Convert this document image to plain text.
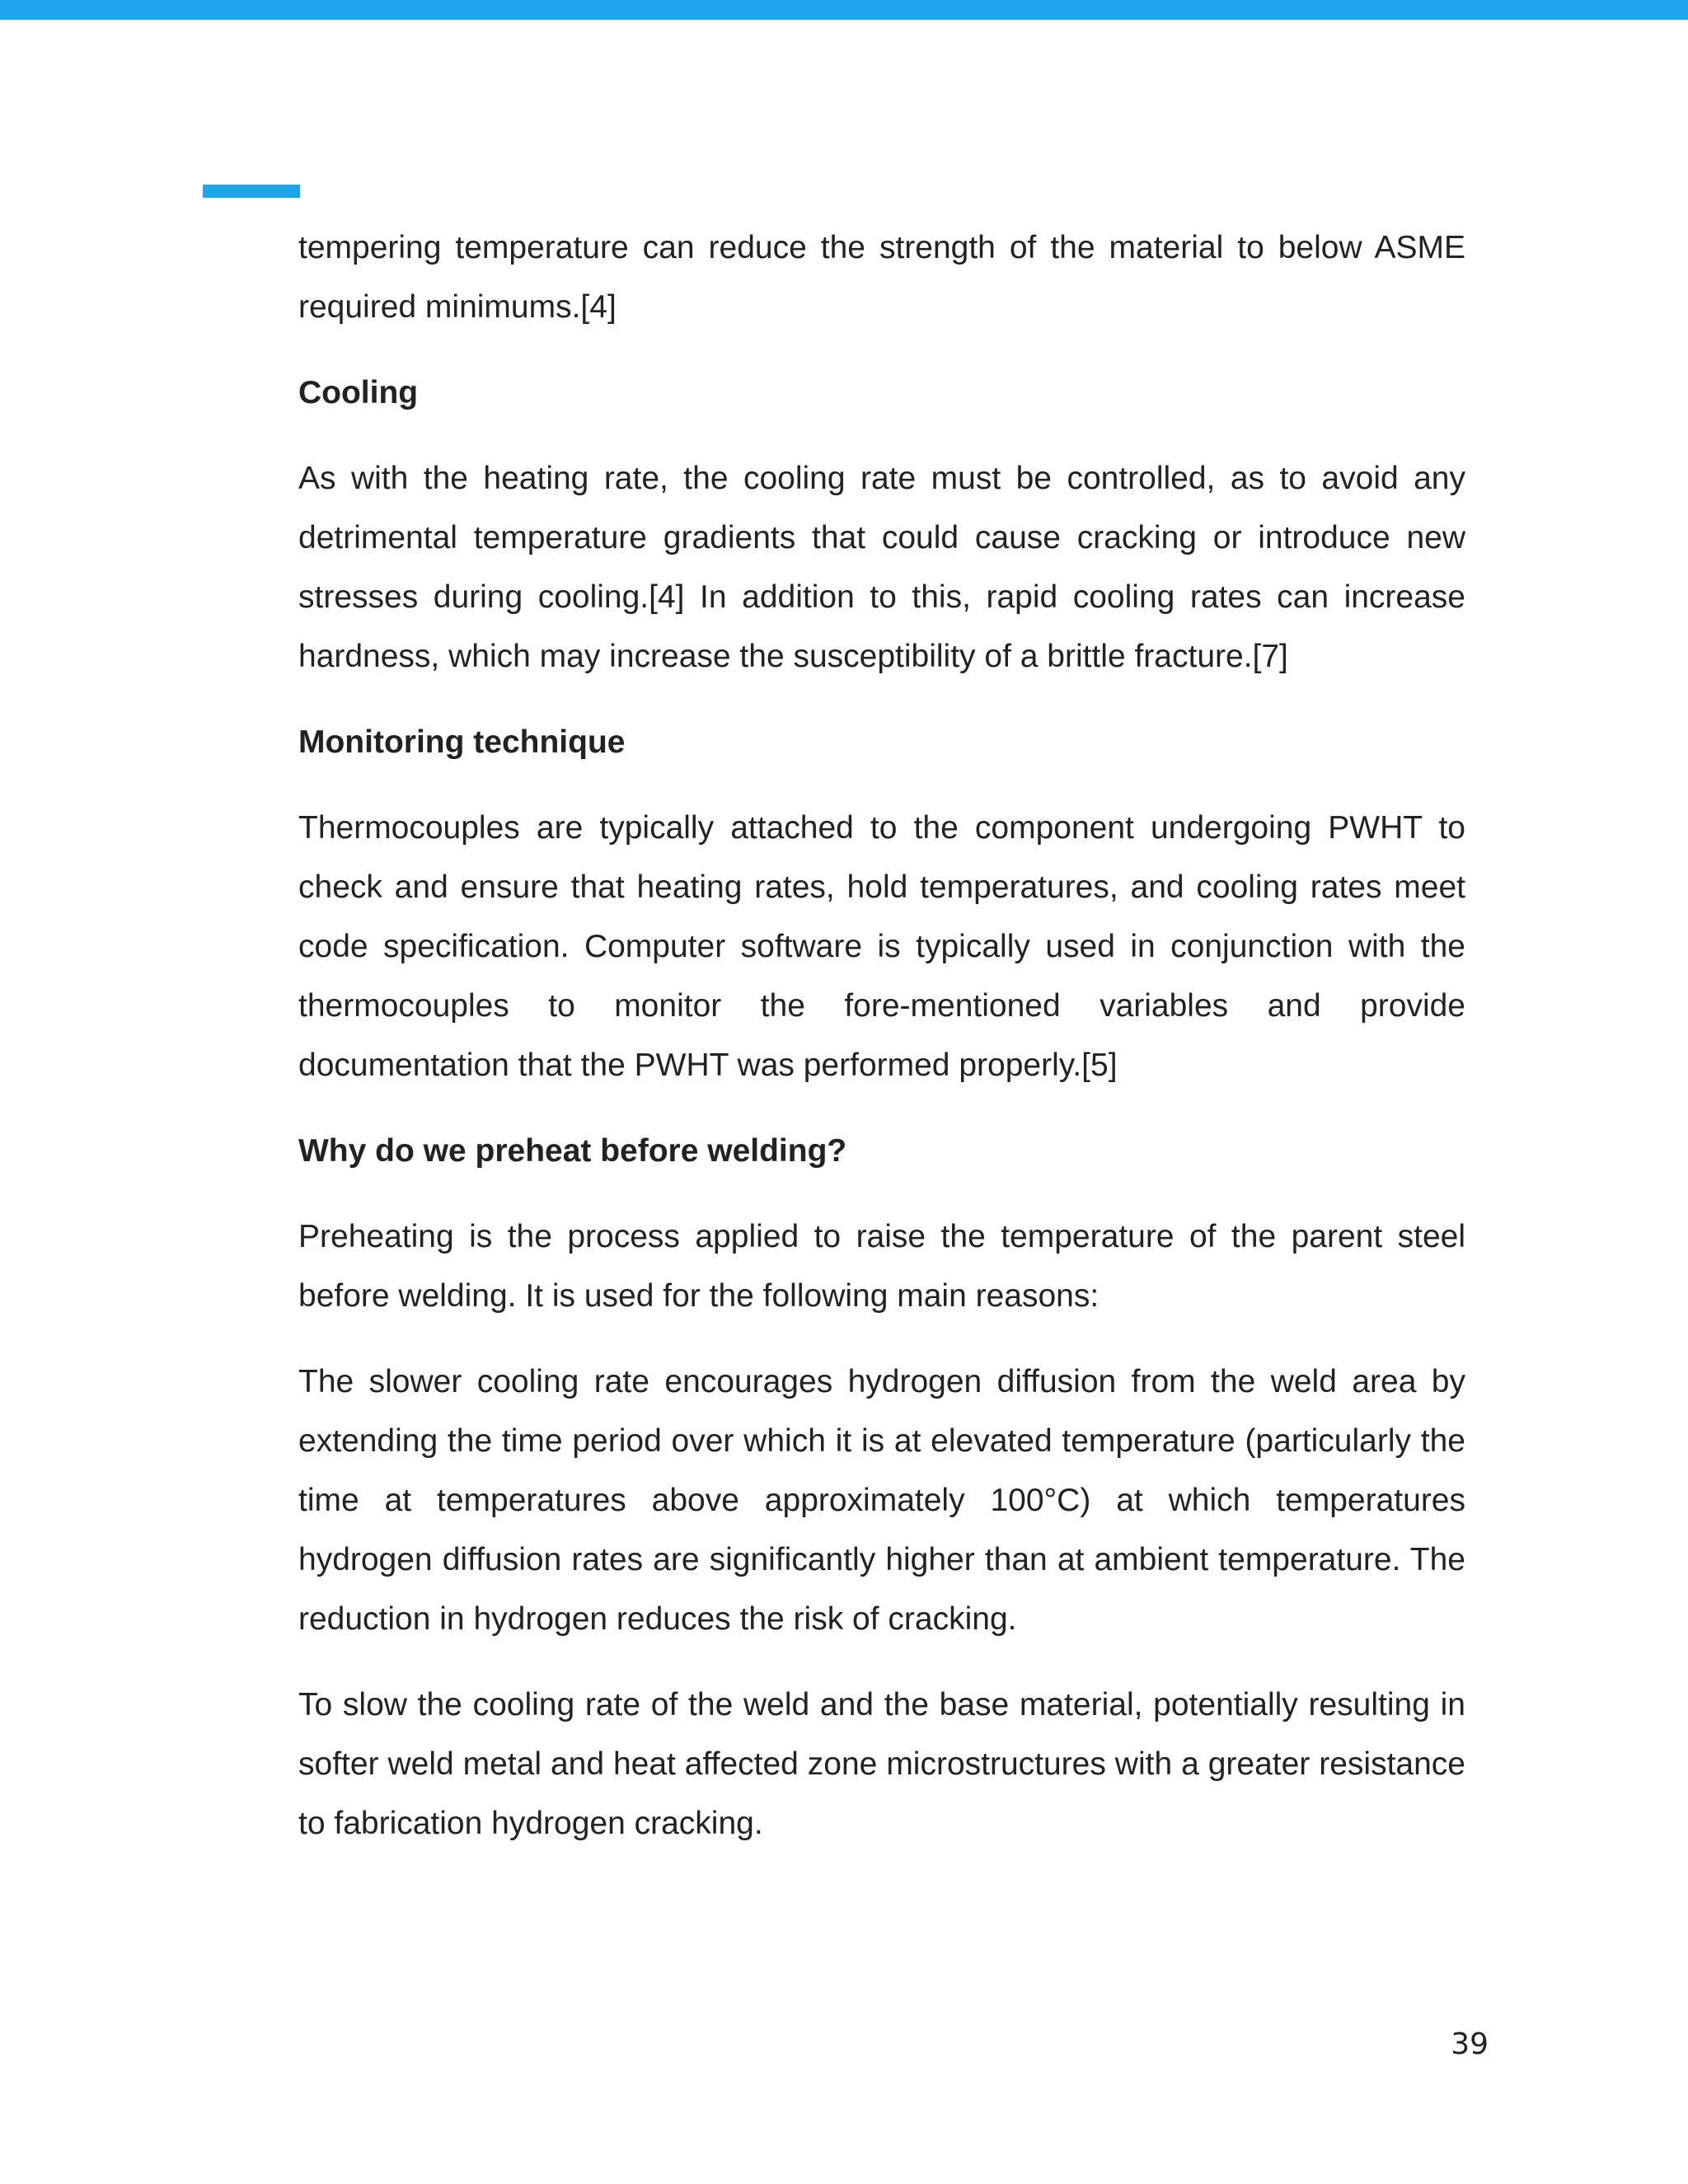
tempering temperature can reduce the strength of the material to below ASME required minimums.[4]

Cooling

As with the heating rate, the cooling rate must be controlled, as to avoid any detrimental temperature gradients that could cause cracking or introduce new stresses during cooling.[4] In addition to this, rapid cooling rates can increase hardness, which may increase the susceptibility of a brittle fracture.[7]

Monitoring technique

Thermocouples are typically attached to the component undergoing PWHT to check and ensure that heating rates, hold temperatures, and cooling rates meet code specification. Computer software is typically used in conjunction with the thermocouples to monitor the fore-mentioned variables and provide documentation that the PWHT was performed properly.[5]

Why do we preheat before welding?

Preheating is the process applied to raise the temperature of the parent steel before welding. It is used for the following main reasons:

The slower cooling rate encourages hydrogen diffusion from the weld area by extending the time period over which it is at elevated temperature (particularly the time at temperatures above approximately 100°C) at which temperatures hydrogen diffusion rates are significantly higher than at ambient temperature. The reduction in hydrogen reduces the risk of cracking.

To slow the cooling rate of the weld and the base material, potentially resulting in softer weld metal and heat affected zone microstructures with a greater resistance to fabrication hydrogen cracking.

39
